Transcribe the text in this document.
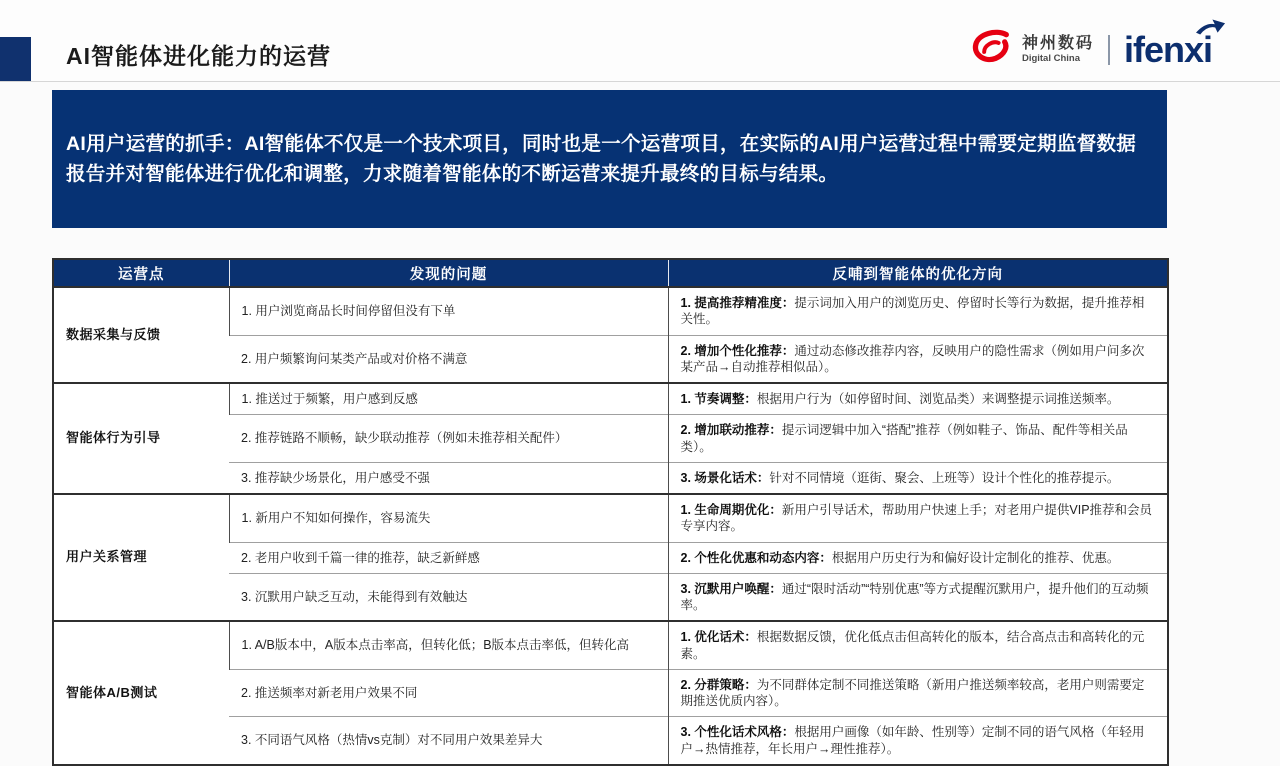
AI智能体进化能力的运营	神州数码
Digital China	ifenxi
AI用户运营的抓手：AI智能体不仅是一个技术项目，同时也是一个运营项目，在实际的AI用户运营过程中需要定期监督数据报告并对智能体进行优化和调整，力求随着智能体的不断运营来提升最终的目标与结果。
运营点	发现的问题	反哺到智能体的优化方向
数据采集与反馈	1. 用户浏览商品长时间停留但没有下单	1. 提高推荐精准度：提示词加入用户的浏览历史、停留时长等行为数据，提升推荐相关性。
	2. 用户频繁询问某类产品或对价格不满意	2. 增加个性化推荐：通过动态修改推荐内容，反映用户的隐性需求（例如用户问多次某产品→自动推荐相似品）。
智能体行为引导	1. 推送过于频繁，用户感到反感	1. 节奏调整：根据用户行为（如停留时间、浏览品类）来调整提示词推送频率。
	2. 推荐链路不顺畅，缺少联动推荐（例如未推荐相关配件）	2. 增加联动推荐：提示词逻辑中加入“搭配”推荐（例如鞋子、饰品、配件等相关品类）。
	3. 推荐缺少场景化，用户感受不强	3. 场景化话术：针对不同情境（逛街、聚会、上班等）设计个性化的推荐提示。
用户关系管理	1. 新用户不知如何操作，容易流失	1. 生命周期优化：新用户引导话术，帮助用户快速上手；对老用户提供VIP推荐和会员专享内容。
	2. 老用户收到千篇一律的推荐，缺乏新鲜感	2. 个性化优惠和动态内容：根据用户历史行为和偏好设计定制化的推荐、优惠。
	3. 沉默用户缺乏互动，未能得到有效触达	3. 沉默用户唤醒：通过“限时活动”“特别优惠”等方式提醒沉默用户，提升他们的互动频率。
智能体A/B测试	1. A/B版本中，A版本点击率高，但转化低；B版本点击率低，但转化高	1. 优化话术：根据数据反馈，优化低点击但高转化的版本，结合高点击和高转化的元素。
	2. 推送频率对新老用户效果不同	2. 分群策略：为不同群体定制不同推送策略（新用户推送频率较高，老用户则需要定期推送优质内容）。
	3. 不同语气风格（热情vs克制）对不同用户效果差异大	3. 个性化话术风格：根据用户画像（如年龄、性别等）定制不同的语气风格（年轻用户→热情推荐，年长用户→理性推荐）。
